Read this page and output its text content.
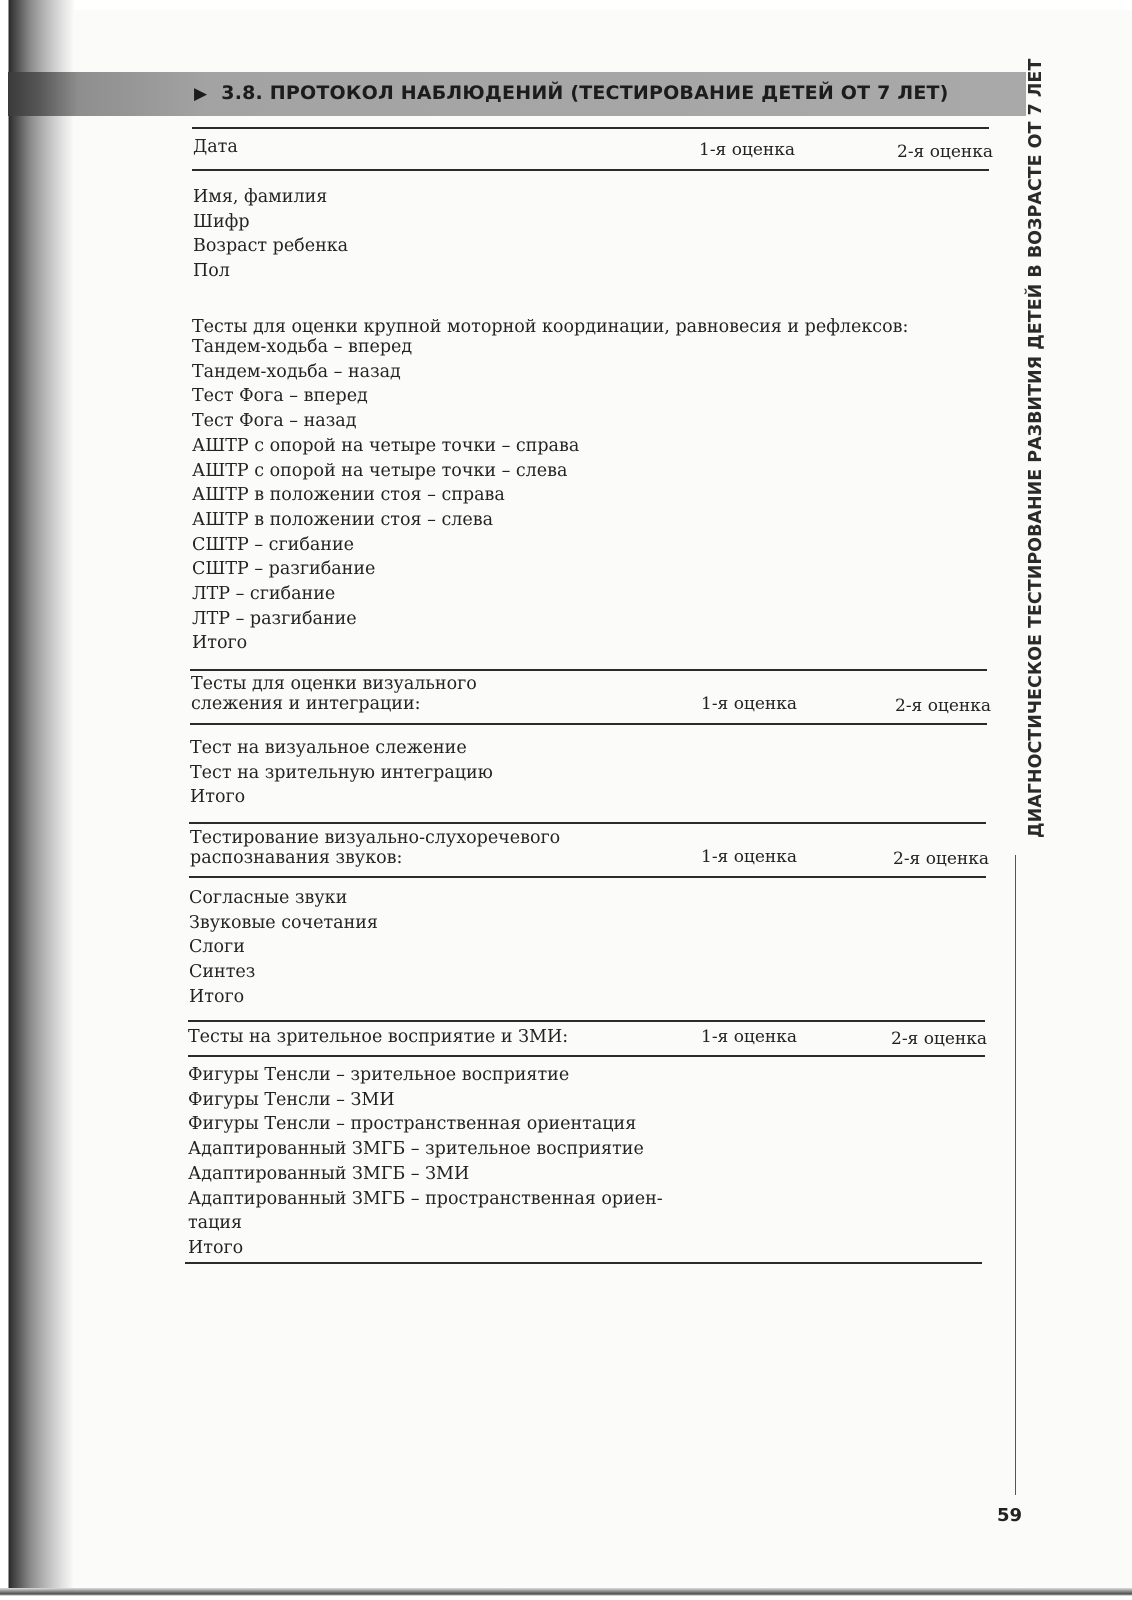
▶ 3.8. ПРОТОКОЛ НАБЛЮДЕНИЙ (ТЕСТИРОВАНИЕ ДЕТЕЙ ОТ 7 ЛЕТ)	ДИАГНОСТИЧЕСКОЕ ТЕСТИРОВАНИЕ РАЗВИТИЯ ДЕТЕЙ В ВОЗРАСТЕ ОТ 7 ЛЕТ
59
Дата	1-я оценка	2-я оценка
Имя, фамилия
Шифр
Возраст ребенка
Пол
Тесты для оценки крупной моторной координации, равновесия и рефлексов:
Тандем-ходьба – вперед
Тандем-ходьба – назад
Тест Фога – вперед
Тест Фога – назад
АШТР с опорой на четыре точки – справа
АШТР с опорой на четыре точки – слева
АШТР в положении стоя – справа
АШТР в положении стоя – слева
СШТР – сгибание
СШТР – разгибание
ЛТР – сгибание
ЛТР – разгибание
Итого
Тесты для оценки визуального
слежения и интеграции:	1-я оценка	2-я оценка
Тест на визуальное слежение
Тест на зрительную интеграцию
Итого
Тестирование визуально-слухоречевого
распознавания звуков:	1-я оценка	2-я оценка
Согласные звуки
Звуковые сочетания
Слоги
Синтез
Итого
Тесты на зрительное восприятие и ЗМИ:	1-я оценка	2-я оценка
Фигуры Тенсли – зрительное восприятие
Фигуры Тенсли – ЗМИ
Фигуры Тенсли – пространственная ориентация
Адаптированный ЗМГБ – зрительное восприятие
Адаптированный ЗМГБ – ЗМИ
Адаптированный ЗМГБ – пространственная ориен-
тация
Итого
